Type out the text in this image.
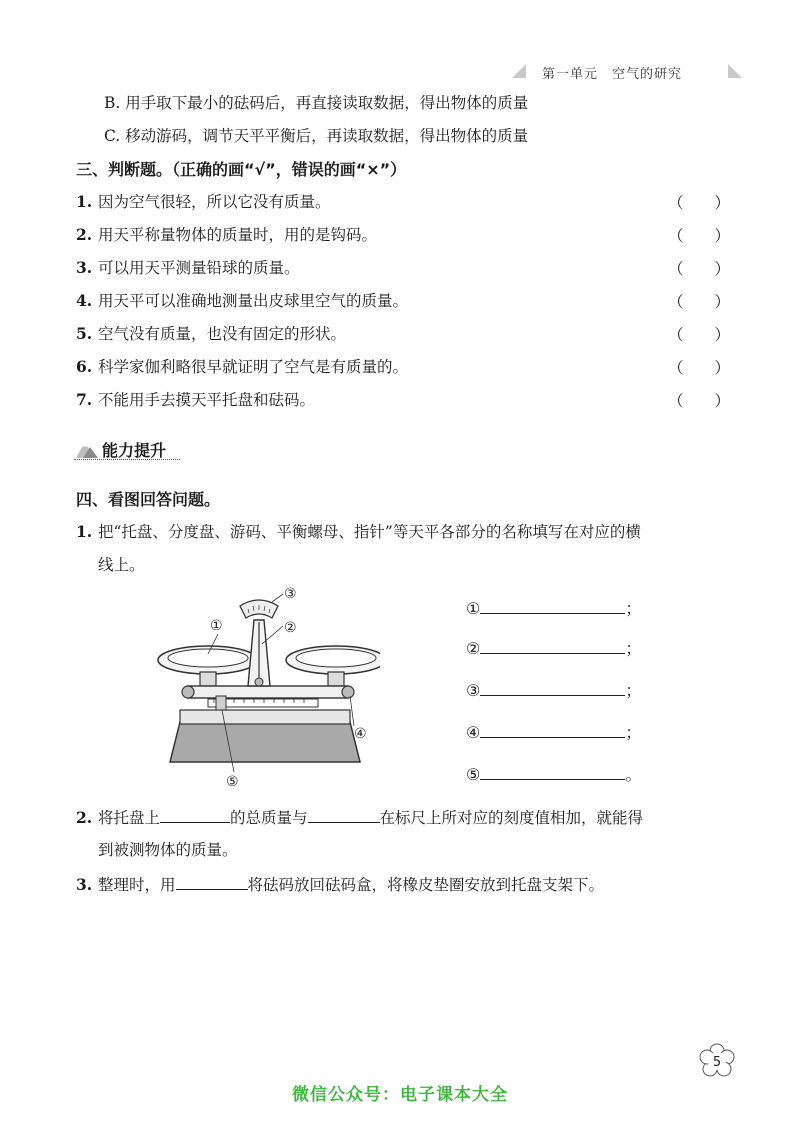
第一单元　 空气的研究
B. 用手取下最小的砝码后，再直接读取数据，得出物体的质量
C. 移动游码，调节天平平衡后，再读取数据，得出物体的质量
三、判断题。（正确的画“√”，错误的画“×”）
1. 因为空气很轻，所以它没有质量。	（　　）
2. 用天平称量物体的质量时，用的是钩码。	（　　）
3. 可以用天平测量铅球的质量。	（　　）
4. 用天平可以准确地测量出皮球里空气的质量。	（　　）
5. 空气没有质量，也没有固定的形状。	（　　）
6. 科学家伽利略很早就证明了空气是有质量的。	（　　）
7. 不能用手去摸天平托盘和砝码。	（　　）
能力提升
四、看图回答问题。
1. 把“托盘、分度盘、游码、平衡螺母、指针”等天平各部分的名称填写在对应的横
线上。
①	②
③
④
⑤
①	；
②	；
③	；
④	；
⑤	。
2. 将托盘上	的总质量与	在标尺上所对应的刻度值相加，就能得
到被测物体的质量。
3. 整理时，用	将砝码放回砝码盒，将橡皮垫圈安放到托盘支架下。
5
微信公众号：电子课本大全
